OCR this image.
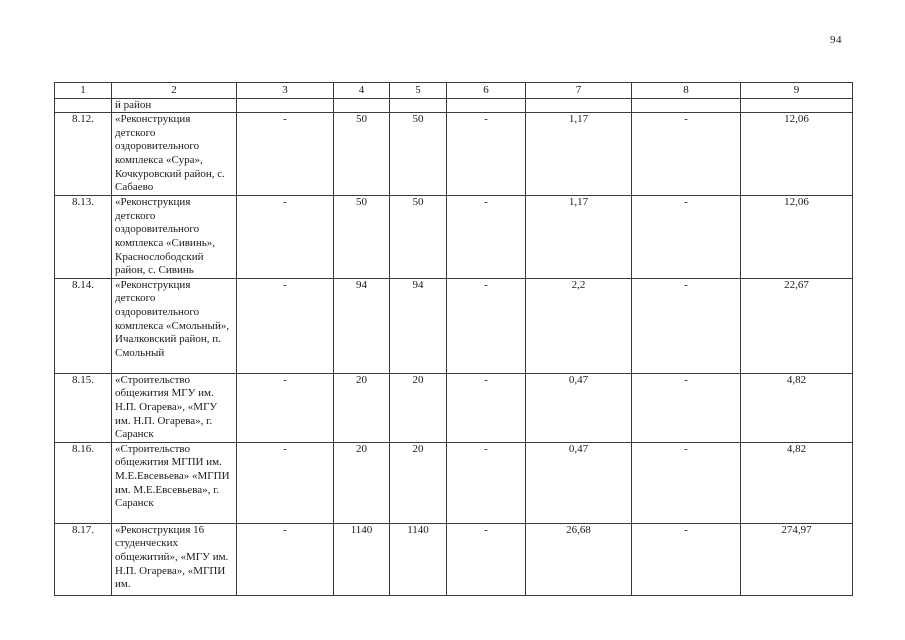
94
1	2	3	4	5	6	7	8	9
	й район							
8.12.	«Реконструкция детского оздоровительного комплекса «Сура», Кочкуровский район, с. Сабаево	-	50	50	-	1,17	-	12,06
8.13.	«Реконструкция детского оздоровительного комплекса «Сивинь», Краснослободский район, с. Сивинь	-	50	50	-	1,17	-	12,06
8.14.	«Реконструкция детского оздоровительного комплекса «Смольный», Ичалковский район, п. Смольный	-	94	94	-	2,2	-	22,67
8.15.	«Строительство общежития МГУ им. Н.П. Огарева», «МГУ им. Н.П. Огарева», г. Саранск	-	20	20	-	0,47	-	4,82
8.16.	«Строительство общежития МГПИ им. М.Е.Евсевьева» «МГПИ им. М.Е.Евсевьева», г. Саранск	-	20	20	-	0,47	-	4,82
8.17.	«Реконструкция 16 студенческих общежитий», «МГУ им. Н.П. Огарева», «МГПИ им.	-	1140	1140	-	26,68	-	274,97
